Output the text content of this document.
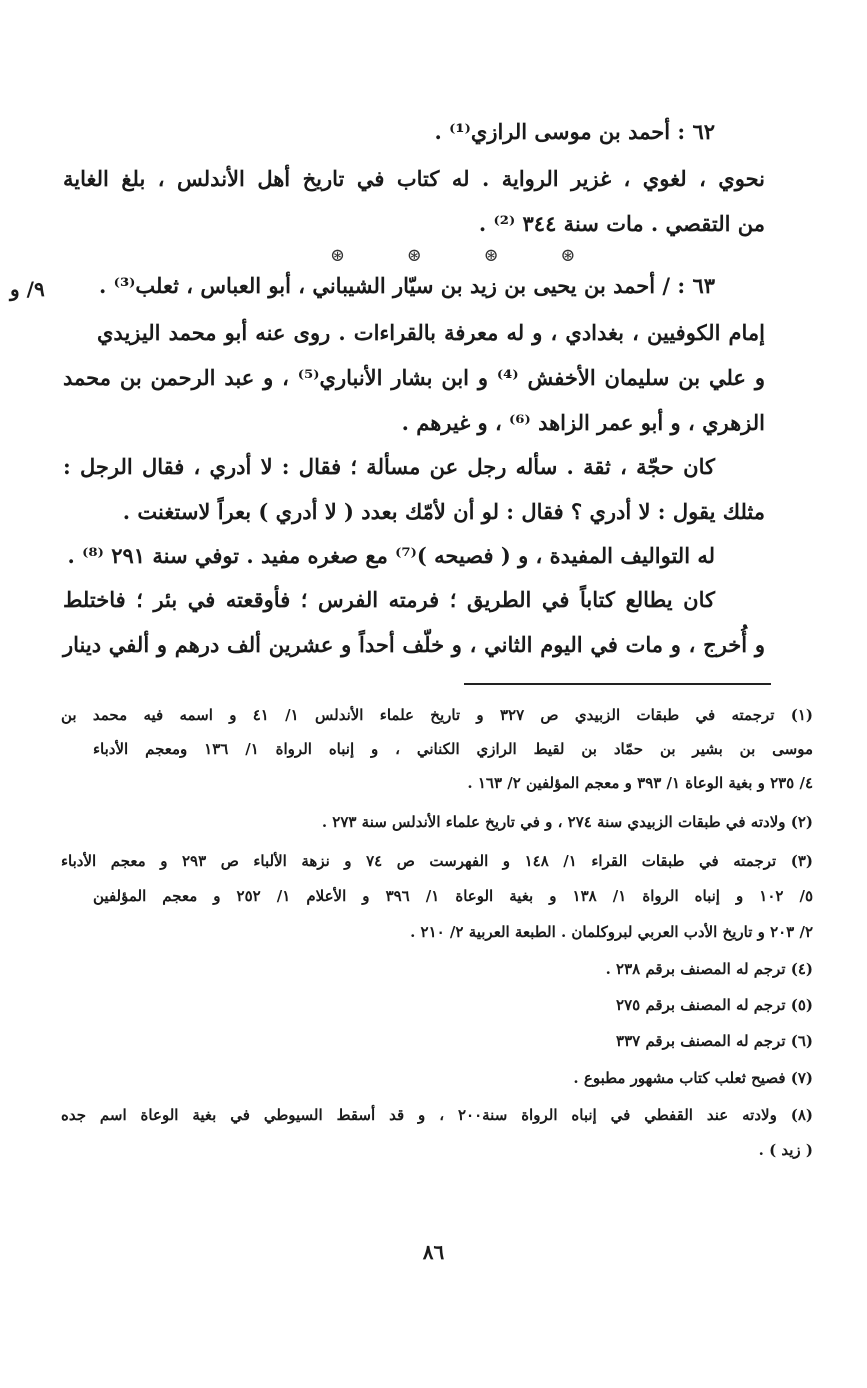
٦٢ : أحمد بن موسى الرازي⁽¹⁾ .
نحوي ، لغوي ، غزير الرواية . له كتاب في تاريخ أهل الأندلس ، بلغ الغاية
من التقصي . مات سنة ٣٤٤ ⁽²⁾ .
⊛ ⊛ ⊛ ⊛
٦٣ : / أحمد بن يحيى بن زيد بن سيّار الشيباني ، أبو العباس ، ثعلب⁽³⁾ .
٩/ و
إمام الكوفيين ، بغدادي ، و له معرفة بالقراءات . روى عنه أبو محمد اليزيدي
و علي بن سليمان الأخفش ⁽⁴⁾ و ابن بشار الأنباري⁽⁵⁾ ، و عبد الرحمن بن محمد
الزهري ، و أبو عمر الزاهد ⁽⁶⁾ ، و غيرهم .
كان حجّة ، ثقة . سأله رجل عن مسألة ؛ فقال : لا أدري ، فقال الرجل :
مثلك يقول : لا أدري ؟ فقال : لو أن لأمّك بعدد ( لا أدري ) بعراً لاستغنت .
له التواليف المفيدة ، و ( فصيحه )⁽⁷⁾ مع صغره مفيد . توفي سنة ٢٩١ ⁽⁸⁾ .
كان يطالع كتاباً في الطريق ؛ فرمته الفرس ؛ فأوقعته في بئر ؛ فاختلط
و أُخرج ، و مات في اليوم الثاني ، و خلّف أحداً و عشرين ألف درهم و ألفي دينار
(١) ترجمته في طبقات الزبيدي ص ٣٢٧ و تاريخ علماء الأندلس ١/ ٤١ و اسمه فيه محمد بن
موسى بن بشير بن حمّاد بن لقيط الرازي الكناني ، و إنباه الرواة ١/ ١٣٦ ومعجم الأدباء
٤/ ٢٣٥ و بغية الوعاة ١/ ٣٩٣ و معجم المؤلفين ٢/ ١٦٣ .
(٢) ولادته في طبقات الزبيدي سنة ٢٧٤ ، و في تاريخ علماء الأندلس سنة ٢٧٣ .
(٣) ترجمته في طبقات القراء ١/ ١٤٨ و الفهرست ص ٧٤ و نزهة الألباء ص ٢٩٣ و معجم الأدباء
٥/ ١٠٢ و إنباه الرواة ١/ ١٣٨ و بغية الوعاة ١/ ٣٩٦ و الأعلام ١/ ٢٥٢ و معجم المؤلفين
٢/ ٢٠٣ و تاريخ الأدب العربي لبروكلمان . الطبعة العربية ٢/ ٢١٠ .
(٤) ترجم له المصنف برقم ٢٣٨ .
(٥) ترجم له المصنف برقم ٢٧٥
(٦) ترجم له المصنف برقم ٣٣٧
(٧) فصيح ثعلب كتاب مشهور مطبوع .
(٨) ولادته عند القفطي في إنباه الرواة سنة٢٠٠ ، و قد أسقط السيوطي في بغية الوعاة اسم جده
( زيد ) .
٨٦
